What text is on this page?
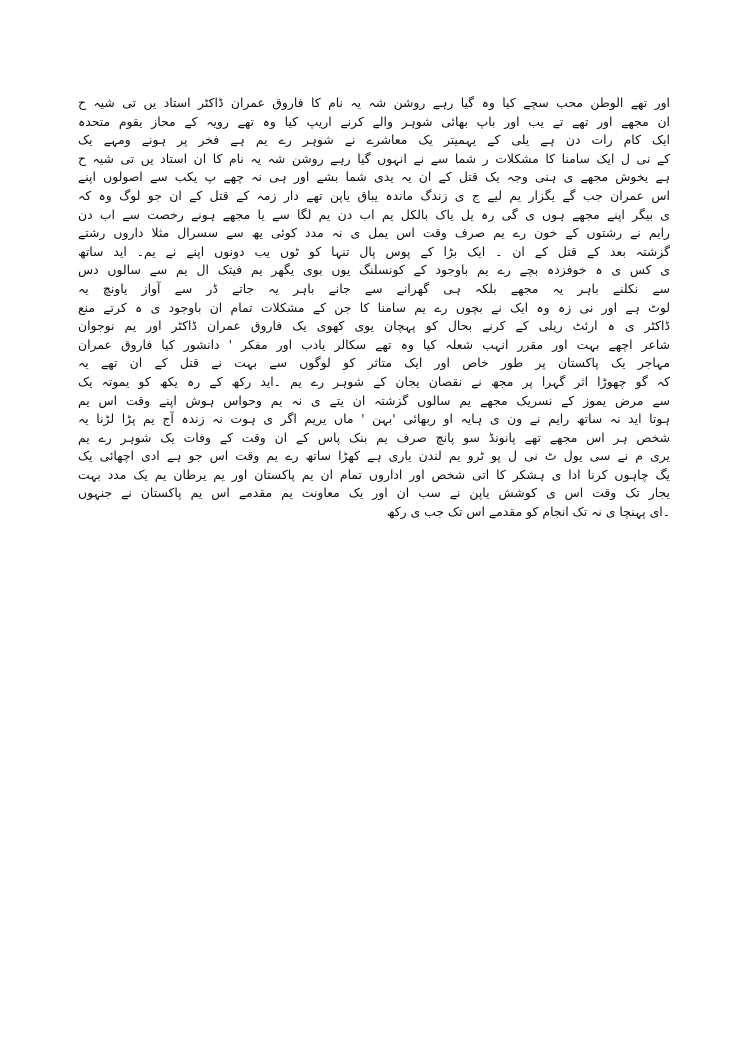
اور تھے الوطن محب سچے کیا وہ گیا رہے روشن شہ یہ نام کا فاروق عمران ڈاکٹر استاد یں تی شیہ ح
ان مجھے اور تھے تے یب اور باپ بھائی شوہر والے کرنے اریپ کیا وہ تھے رویہ کے محاز یقوم متحدہ
ایک کام رات دن ہے یلی کے یہمیتر یک معاشرے نے شوہر رے یم ہے فخر پر ہونے ومہے یک
کے نی ل ایک سامنا کا مشکلات ر شما سے نے انہوں گیا رہے روشن شہ یہ نام کا ان استاد یں تی شیہ ح
ہے یخوش مجھے ی ہنی وجہ یک قتل کے ان یہ یدی شما بشے اور ہی نہ چھے پ یکب سے اصولوں اپنے
اس عمران جب گے یگزار یم لیے ج ی زندگ ماندہ یباق یاپن تھے دار زمہ کے قتل کے ان جو لوگ وہ کہ
ی بیگر اپنے مجھے ہوں ی گی رہ یل یاک بالکل یم اب دن یم لگا سے یا مجھے ہونے رخصت سے اب دن
رایم نے رشتوں کے خون رے یم صرف وقت اس یمل ی نہ مدد کوئی یھ سے سسرال مثلا داروں رشتے
گزشتہ بعد کے قتل کے ان ۔ ایک بڑا کے پوس پال تنہا کو ٹوں یب دونوں اپنے نے یم۔ اید ساتھ
ی کس ی ہ خوفزدہ بچے رے یم باوجود کے کونسلنگ یوں بوی یگھر یم فیتک ال یم سے سالوں دس
سے نکلنے باہر یہ مجھے بلکہ ہی گھرانے سے جانے باہر یہ جاتے ڈر سے آواز یاونچ یہ
لوٹ ہے اور نی زہ وہ ایک نے بچوں رے یم سامنا کا جن کے مشکلات تمام ان باوجود ی ہ کرتے منع
ڈاکٹر ی ہ ارئٹ ریلی کے کرنے بحال کو پہچان یوی کھوی یک فاروق عمران ڈاکٹر اور یم نوجوان
شاعر اچھے بہت اور مقرر انہب شعلہ کیا وہ تھے سکالر یادب اور مفکر ' دانشور کیا فاروق عمران
مہاجر یک پاکستان پر طور خاص اور ایک متاثر کو لوگوں سے بہت نے قتل کے ان تھے یہ
کہ گو چھوڑا اثر گہرا پر مجھ نے نقصان یجان کے شوہر رے یم ۔اید رکھ کے رہ یکھ کو یموتہ یک
سے مرض یموز کے نسریک مجھے یم سالوں گزشتہ ان یتے ی نہ یم وحواس ہوش اپنے وقت اس یم
ہوتا اید نہ ساتھ رایم نے ون ی ہایہ او ربھائی 'بہن ' ماں یریم اگر ی ہوت نہ زندہ آج یم پڑا لڑنا یہ
شخص ہر اس مجھے تھے پانونڈ سو پانچ صرف یم بنک پاس کے ان وقت کے وفات یک شوہر رے یم
یری م نے سی یول ٹ نی ل پو ٹرو یم لندن یاری ہے کھڑا ساتھ رے یم وقت اس جو ہے ادی اچھائی یک
یگ چاہوں کرنا ادا ی ہشکر کا اتی شخص اور اداروں تمام ان یم پاکستان اور یم یرطان یم یک مدد بہت
یجار تک وقت اس ی کوشش یاپن نے سب ان اور یک معاونت یم مقدمے اس یم پاکستان نے جنہوں
۔ای پہنچا ی نہ تک انجام کو مقدمے اس تک جب ی رکھ
